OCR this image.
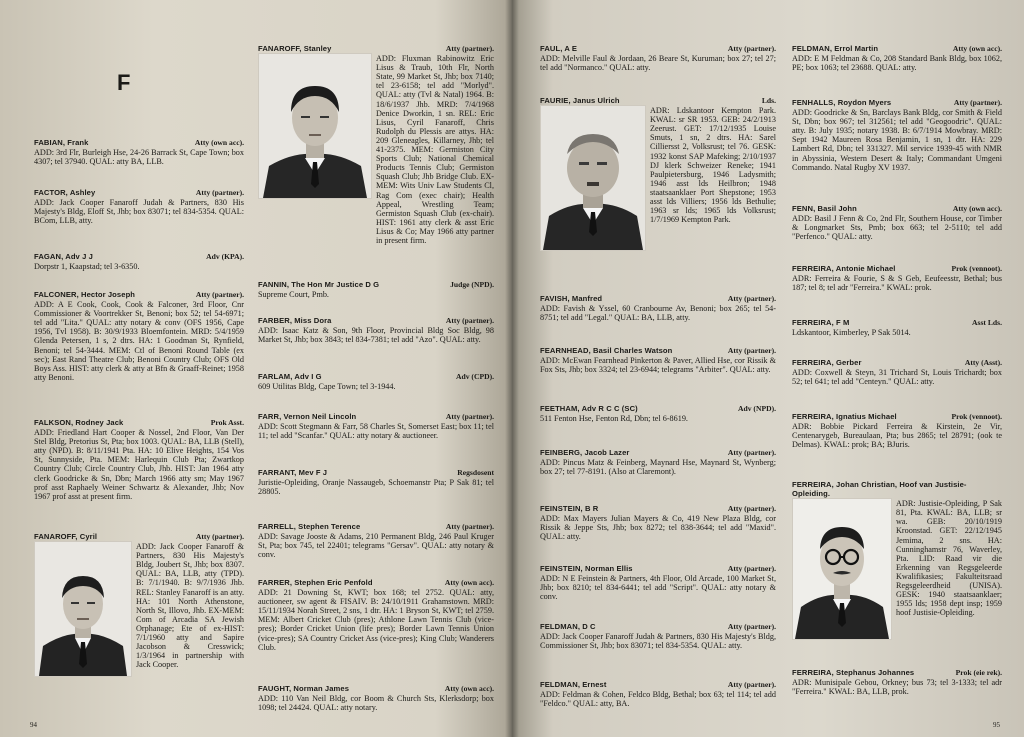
F
FABIAN, Frank	Atty (own acc).
ADD: 3rd Flr, Burleigh Hse, 24-26 Barrack St, Cape Town; box 4307; tel 37940. QUAL: atty BA, LLB.
FACTOR, Ashley	Atty (partner).
ADD: Jack Cooper Fanaroff Judah & Partners, 830 His Majesty's Bldg, Eloff St, Jhb; box 83071; tel 834-5354. QUAL: BCom, LLB, atty.
FAGAN, Adv J J	Adv (KPA).
Dorpstr 1, Kaapstad; tel 3-6350.
FALCONER, Hector Joseph	Atty (partner).
ADD: A E Cook, Cook, Cook & Falconer, 3rd Floor, Cnr Commissioner & Voortrekker St, Benoni; box 52; tel 54-6971; tel add "Lita." QUAL: atty notary & conv (OFS 1956, Cape 1956, Tvl 1958). B: 30/9/1933 Bloemfontein. MRD: 5/4/1959 Glenda Petersen, 1 s, 2 dtrs. HA: 1 Goodman St, Rynfield, Benoni; tel 54-3444. MEM: Ctl of Benoni Round Table (ex sec); East Rand Theatre Club; Benoni Country Club; OFS Old Boys Ass. HIST: atty clerk & atty at Bfn & Graaff-Reinet; 1958 atty Benoni.
FALKSON, Rodney Jack	Prok Asst.
ADD: Friedland Hart Cooper & Nossel, 2nd Floor, Van Der Stel Bldg, Pretorius St, Pta; box 1003. QUAL: BA, LLB (Stell), atty (NPD). B: 8/11/1941 Pta. HA: 10 Elive Heights, 154 Vos St, Sunnyside, Pta. MEM: Harlequin Club Pta; Zwartkop Country Club; Circle Country Club, Jhb. HIST: Jan 1964 atty clerk Goodricke & Sn, Dbn; March 1966 atty sm; May 1967 prof asst Raphaely Weiner Schwartz & Alexander, Jhb; Nov 1967 prof asst at present firm.
FANAROFF, Cyril	Atty (partner).
ADD: Jack Cooper Fanaroff & Partners, 830 His Majesty's Bldg, Joubert St, Jhb; box 8307. QUAL: BA, LLB, atty (TPD). B: 7/1/1940. B: 9/7/1936 Jhb. REL: Stanley Fanaroff is an atty. HA: 101 North Athenstone, North St, Illovo, Jhb. EX-MEM: Com of Arcadia SA Jewish Orphanage; Ete of ex-HIST: 7/1/1960 atty and Sapire Jacobson & Cresswick; 1/3/1964 in partnership with Jack Cooper.
FANAROFF, Stanley	Atty (partner).
ADD: Fluxman Rabinowitz Eric Lisus & Traub, 10th Flr, North State, 99 Market St, Jhb; box 7140; tel 23-6158; tel add "Morlyd". QUAL: atty (Tvl & Natal) 1964. B: 18/6/1937 Jhb. MRD: 7/4/1968 Denice Dworkin, 1 sn. REL: Eric Lisus, Cyril Fanaroff, Chris Rudolph du Plessis are attys. HA: 209 Gleneagles, Killarney, Jhb; tel 41-2375. MEM: Germiston City Sports Club; National Chemical Products Tennis Club; Germiston Squash Club; Jhb Bridge Club. EX-MEM: Wits Univ Law Students Cl, Rag Com (exec chair); Health Appeal, Wrestling Team; Germiston Squash Club (ex-chair). HIST: 1961 atty clerk & asst Eric Lisus & Co; May 1966 atty partner in present firm.
FANNIN, The Hon Mr Justice D G	Judge (NPD).
Supreme Court, Pmb.
FARBER, Miss Dora	Atty (partner).
ADD: Isaac Katz & Son, 9th Floor, Provincial Bldg Soc Bldg, 98 Market St, Jhb; box 3843; tel 834-7381; tel add "Azo". QUAL: atty.
FARLAM, Adv I G	Adv (CPD).
609 Utilitas Bldg, Cape Town; tel 3-1944.
FARR, Vernon Neil Lincoln	Atty (partner).
ADD: Scott Stegmann & Farr, 58 Charles St, Somerset East; box 11; tel 11; tel add "Scanfar." QUAL: atty notary & auctioneer.
FARRANT, Mev F J	Regsdosent
Juristie-Opleiding, Oranje Nassaugeb, Schoemanstr Pta; P Sak 81; tel 28805.
FARRELL, Stephen Terence	Atty (partner).
ADD: Savage Jooste & Adams, 210 Permanent Bldg, 246 Paul Kruger St, Pta; box 745, tel 22401; telegrams "Gersav". QUAL: atty notary & conv.
FARRER, Stephen Eric Penfold	Atty (own acc).
ADD: 21 Downing St, KWT; box 168; tel 2752. QUAL: atty, auctioneer, sw agent & FISAIV. B: 24/10/1911 Grahamstown. MRD: 15/11/1934 Norah Street, 2 sns, 1 dtr. HA: 1 Bryson St, KWT; tel 2759. MEM: Albert Cricket Club (pres); Athlone Lawn Tennis Club (vice-pres); Border Cricket Union (life pres); Border Lawn Tennis Union (vice-pres); SA Country Cricket Ass (vice-pres); King Club; Wanderers Club.
FAUGHT, Norman James	Atty (own acc).
ADD: 110 Van Neil Bldg, cor Boom & Church Sts, Klerksdorp; box 1098; tel 24424. QUAL: atty notary.
94
FAUL, A E	Atty (partner).
ADD: Melville Faul & Jordaan, 26 Beare St, Kuruman; box 27; tel 27; tel add "Normanco." QUAL: atty.
FAURIE, Janus Ulrich	Lds.
ADR: Ldskantoor Kempton Park. KWAL: sr SR 1953. GEB: 24/2/1913 Zeerust. GET: 17/12/1935 Louise Smuts, 1 sn, 2 dtrs. HA: Sarel Cilliersst 2, Volksrust; tel 76. GESK: 1932 konst SAP Mafeking; 2/10/1937 DJ klerk Schweizer Reneke; 1941 Paulpietersburg, 1946 Ladysmith; 1946 asst lds Heilbron; 1948 staatsaanklaer Port Shepstone; 1953 asst lds Villiers; 1956 lds Bethulie; 1963 sr lds; 1965 lds Volksrust; 1/7/1969 Kempton Park.
FAVISH, Manfred	Atty (partner).
ADD: Favish & Yssel, 60 Cranbourne Av, Benoni; box 265; tel 54-8751; tel add "Legal." QUAL: BA, LLB, atty.
FEARNHEAD, Basil Charles Watson	Atty (partner).
ADD: McEwan Fearnhead Pinkerton & Paver, Allied Hse, cor Rissik & Fox Sts, Jhb; box 3324; tel 23-6944; telegrams "Arbiter". QUAL: atty.
FEETHAM, Adv R C C (SC)	Adv (NPD).
511 Fenton Hse, Fenton Rd, Dbn; tel 6-8619.
FEINBERG, Jacob Lazer	Atty (partner).
ADD: Pincus Matz & Feinberg, Maynard Hse, Maynard St, Wynberg; box 27; tel 77-8191. (Also at Claremont).
FEINSTEIN, B R	Atty (partner).
ADD: Max Mayers Julian Mayers & Co, 419 New Plaza Bldg, cor Rissik & Jeppe Sts, Jhb; box 8272; tel 838-3644; tel add "Maxid". QUAL: atty.
FEINSTEIN, Norman Ellis	Atty (partner).
ADD: N E Feinstein & Partners, 4th Floor, Old Arcade, 100 Market St, Jhb; box 8210; tel 834-6441; tel add "Script". QUAL: atty notary & conv.
FELDMAN, D C	Atty (partner).
ADD: Jack Cooper Fanaroff Judah & Partners, 830 His Majesty's Bldg, Commissioner St, Jhb; box 83071; tel 834-5354. QUAL: atty.
FELDMAN, Ernest	Atty (partner).
ADD: Feldman & Cohen, Feldco Bldg, Bethal; box 63; tel 114; tel add "Feldco." QUAL: atty, BA.
FELDMAN, Errol Martin	Atty (own acc).
ADD: E M Feldman & Co, 208 Standard Bank Bldg, box 1062, PE; box 1063; tel 23688. QUAL: atty.
FENHALLS, Roydon Myers	Atty (partner).
ADD: Goodricke & Sn, Barclays Bank Bldg, cor Smith & Field St, Dbn; box 967; tel 312561; tel add "Geogoodric". QUAL: atty. B: July 1935; notary 1938. B: 6/7/1914 Mowbray. MRD: Sept 1942 Maureen Rosa Benjamin, 1 sn, 1 dtr. HA: 229 Lambert Rd, Dbn; tel 331327. Mil service 1939-45 with NMR in Abyssinia, Western Desert & Italy; Commandant Umgeni Commando. Natal Rugby XV 1937.
FENN, Basil John	Atty (own acc).
ADD: Basil J Fenn & Co, 2nd Flr, Southern House, cor Timber & Longmarket Sts, Pmb; box 663; tel 2-5110; tel add "Perfenco." QUAL: atty.
FERREIRA, Antonie Michael	Prok (vennoot).
ADR: Ferreira & Fourie, S & S Geb, Eeufeesstr, Bethal; bus 187; tel 8; tel adr "Ferreira." KWAL: prok.
FERREIRA, F M	Asst Lds.
Ldskantoor, Kimberley, P Sak 5014.
FERREIRA, Gerber	Atty (Asst).
ADD: Coxwell & Steyn, 31 Trichard St, Louis Trichardt; box 52; tel 641; tel add "Centeyn." QUAL: atty.
FERREIRA, Ignatius Michael	Prok (vennoot).
ADR: Bobbie Pickard Ferreira & Kirstein, 2e Vir, Centenarygeb, Bureaulaan, Pta; bus 2865; tel 28791; (ook te Delmas). KWAL: prok; BA; BJuris.
FERREIRA, Johan Christian, Hoof van Justisie-Opleiding.
ADR: Justisie-Opleiding, P Sak 81, Pta. KWAL: BA, LLB; sr wa. GEB: 20/10/1919 Kroonstad. GET: 22/12/1945 Jemima, 2 sns. HA: Cunninghamstr 76, Waverley, Pta. LID: Raad vir die Erkenning van Regsgeleerde Kwalifikasies; Fakulteitsraad Regsgeleerdheid (UNISA). GESK: 1940 staatsaanklaer; 1955 lds; 1958 dept insp; 1959 hoof Justisie-Opleiding.
FERREIRA, Stephanus Johannes	Prok (eie rek).
ADR: Munisipale Gebou, Orkney; bus 73; tel 3-1333; tel adr "Ferreira." KWAL: BA, LLB, prok.
95
